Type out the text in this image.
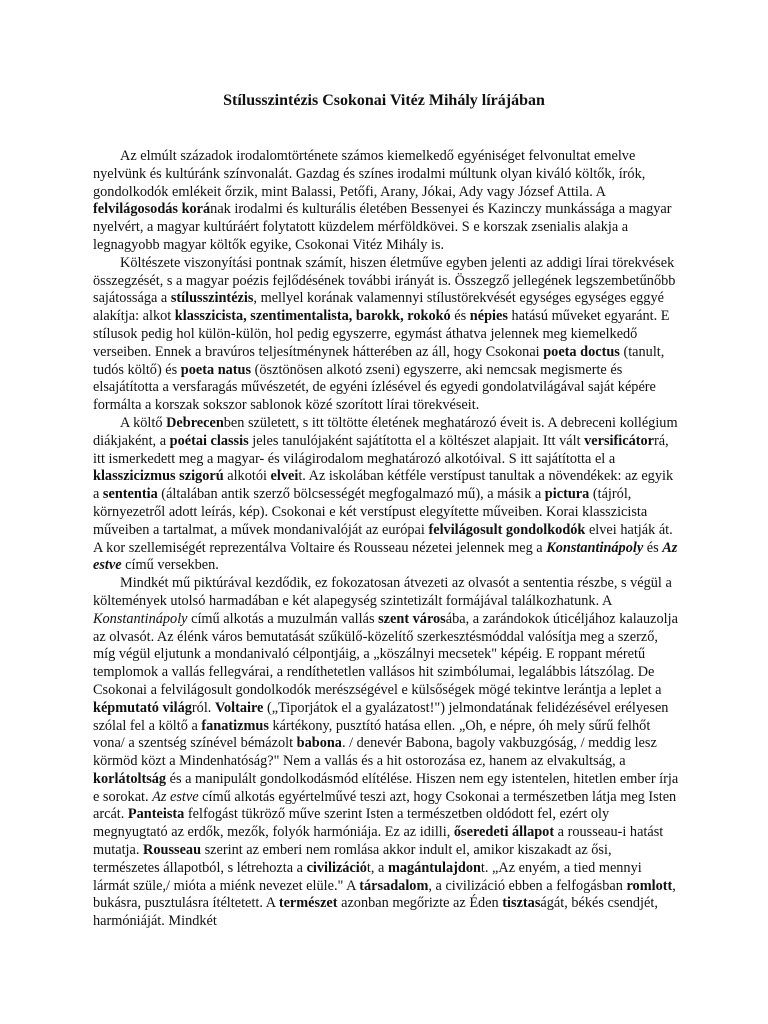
Stílusszintézis Csokonai Vitéz Mihály lírájában

Az elmúlt századok irodalomtörténete számos kiemelkedő egyéniséget felvonultat emelve nyelvünk és kultúránk színvonalát. Gazdag és színes irodalmi múltunk olyan kiváló költők, írók, gondolkodók emlékeit őrzik, mint Balassi, Petőfi, Arany, Jókai, Ady vagy József Attila. A felvilágosodás korának irodalmi és kulturális életében Bessenyei és Kazinczy munkássága a magyar nyelvért, a magyar kultúráért folytatott küzdelem mérföldkövei. S e korszak zsenialis alakja a legnagyobb magyar költők egyike, Csokonai Vitéz Mihály is.

Költészete viszonyítási pontnak számít, hiszen életműve egyben jelenti az addigi lírai törekvések összegzését, s a magyar poézis fejlődésének további irányát is. Összegző jellegének legszembetűnőbb sajátossága a stílusszintézis, mellyel korának valamennyi stílustörekvését egységes egységes eggyé alakítja: alkot klasszicista, szentimentalista, barokk, rokokó és népies hatású műveket egyaránt. E stílusok pedig hol külön-külön, hol pedig egyszerre, egymást áthatva jelennek meg kiemelkedő verseiben. Ennek a bravúros teljesítménynek hátterében az áll, hogy Csokonai poeta doctus (tanult, tudós költő) és poeta natus (ösztönösen alkotó zseni) egyszerre, aki nemcsak megismerte és elsajátította a versfaragás művészetét, de egyéni ízlésével és egyedi gondolatvilágával saját képére formálta a korszak sokszor sablonok közé szorított lírai törekvéseit.

A költő Debrecenben született, s itt töltötte életének meghatározó éveit is. A debreceni kollégium diákjaként, a poétai classis jeles tanulójaként sajátította el a költészet alapjait. Itt vált versificátorrá, itt ismerkedett meg a magyar- és világirodalom meghatározó alkotóival. S itt sajátította el a klasszicizmus szigorú alkotói elveit. Az iskolában kétféle verstípust tanultak a növendékek: az egyik a sententia (általában antik szerző bölcsességét megfogalmazó mű), a másik a pictura (tájról, környezetről adott leírás, kép). Csokonai e két verstípust elegyítette műveiben. Korai klasszicista műveiben a tartalmat, a művek mondanivalóját az európai felvilágosult gondolkodók elvei hatják át. A kor szellemiségét reprezentálva Voltaire és Rousseau nézetei jelennek meg a Konstantinápoly és Az estve című versekben.

Mindkét mű piktúrával kezdődik, ez fokozatosan átvezeti az olvasót a sententia részbe, s végül a költemények utolsó harmadában e két alapegység szintetizált formájával találkozhatunk. A Konstantinápoly című alkotás a muzulmán vallás szent városába, a zarándokok úticéljához kalauzolja az olvasót. Az élénk város bemutatását szűkülő-közelítő szerkesztésmóddal valósítja meg a szerző, míg végül eljutunk a mondanivaló célpontjáig, a „köszálnyi mecsetek" képéig. E roppant méretű templomok a vallás fellegvárai, a rendíthetetlen vallásos hit szimbólumai, legalábbis látszólag. De Csokonai a felvilágosult gondolkodók merészségével e külsőségek mögé tekintve lerántja a leplet a képmutató világról. Voltaire („Tiporjátok el a gyalázatost!") jelmondatának felidézésével erélyesen szólal fel a költő a fanatizmus kártékony, pusztító hatása ellen. „Oh, e népre, óh mely sűrű felhőt vona/ a szentség színével bémázolt babona. / denevér Babona, bagoly vakbuzgóság, / meddig lesz körmöd közt a Mindenhatóság?" Nem a vallás és a hit ostorozása ez, hanem az elvakultság, a korlátoltság és a manipulált gondolkodásmód elítélése. Hiszen nem egy istentelen, hitetlen ember írja e sorokat. Az estve című alkotás egyértelművé teszi azt, hogy Csokonai a természetben látja meg Isten arcát. Panteista felfogást tükröző műve szerint Isten a természetben oldódott fel, ezért oly megnyugtató az erdők, mezők, folyók harmóniája. Ez az idilli, őseredeti állapot a rousseau-i hatást mutatja. Rousseau szerint az emberi nem romlása akkor indult el, amikor kiszakadt az ősi, természetes állapotból, s létrehozta a civilizációt, a magántulajdont. „Az enyém, a tied mennyi lármát szüle,/ mióta a miénk nevezet elüle." A társadalom, a civilizáció ebben a felfogásban romlott, bukásra, pusztulásra ítéltetett. A természet azonban megőrizte az Éden tisztaságát, békés csendjét, harmóniáját. Mindkét
